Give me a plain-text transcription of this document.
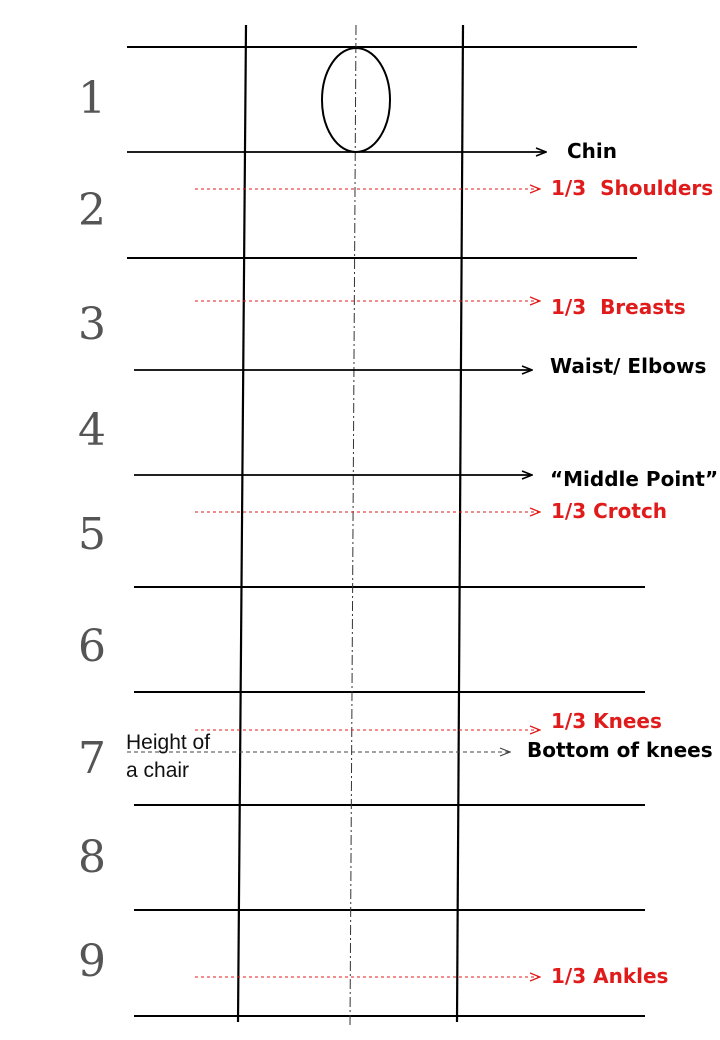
1
2
3
4
5
6
7
8
9
Chin
1/3  Shoulders
1/3  Breasts
Waist/ Elbows
“Middle Point”
1/3 Crotch
1/3 Knees
Bottom of knees
1/3 Ankles
Height of
a chair
